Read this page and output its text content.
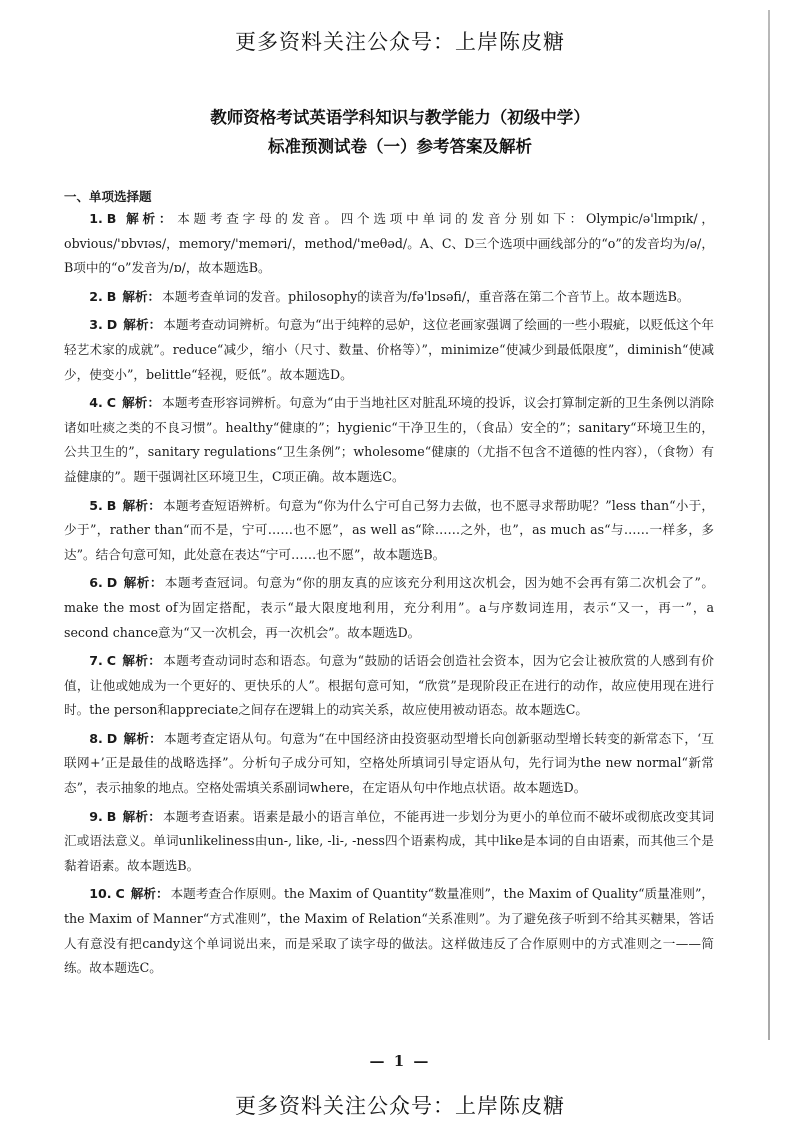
更多资料关注公众号：上岸陈皮糖
教师资格考试英语学科知识与教学能力（初级中学）
标准预测试卷（一）参考答案及解析
一、单项选择题

1. B 解析： 本题考查字母的发音。四个选项中单词的发音分别如下：Olympic/ə'lɪmpɪk/，obvious/'ɒbvɪəs/，memory/'meməri/，method/'meθəd/。A、C、D三个选项中画线部分的“o”的发音均为/ə/，B项中的“o”发音为/ɒ/，故本题选B。

2. B 解析： 本题考查单词的发音。philosophy的读音为/fə'lɒsəfi/，重音落在第二个音节上。故本题选B。

3. D 解析： 本题考查动词辨析。句意为“出于纯粹的忌妒，这位老画家强调了绘画的一些小瑕疵，以贬低这个年轻艺术家的成就”。reduce“减少，缩小（尺寸、数量、价格等）”，minimize“使减少到最低限度”，diminish“使减少，使变小”，belittle“轻视，贬低”。故本题选D。

4. C 解析： 本题考查形容词辨析。句意为“由于当地社区对脏乱环境的投诉，议会打算制定新的卫生条例以消除诸如吐痰之类的不良习惯”。healthy“健康的”；hygienic“干净卫生的，（食品）安全的”；sanitary“环境卫生的，公共卫生的”，sanitary regulations“卫生条例”；wholesome“健康的（尤指不包含不道德的性内容），（食物）有益健康的”。题干强调社区环境卫生，C项正确。故本题选C。

5. B 解析： 本题考查短语辨析。句意为“你为什么宁可自己努力去做，也不愿寻求帮助呢？”less than“小于，少于”，rather than“而不是，宁可……也不愿”，as well as“除……之外，也”，as much as“与……一样多，多达”。结合句意可知，此处意在表达“宁可……也不愿”，故本题选B。

6. D 解析： 本题考查冠词。句意为“你的朋友真的应该充分利用这次机会，因为她不会再有第二次机会了”。make the most of为固定搭配，表示“最大限度地利用，充分利用”。a与序数词连用，表示“又一，再一”，a second chance意为“又一次机会，再一次机会”。故本题选D。

7. C 解析： 本题考查动词时态和语态。句意为“鼓励的话语会创造社会资本，因为它会让被欣赏的人感到有价值，让他或她成为一个更好的、更快乐的人”。根据句意可知，“欣赏”是现阶段正在进行的动作，故应使用现在进行时。the person和appreciate之间存在逻辑上的动宾关系，故应使用被动语态。故本题选C。

8. D 解析： 本题考查定语从句。句意为“在中国经济由投资驱动型增长向创新驱动型增长转变的新常态下，‘互联网+’正是最佳的战略选择”。分析句子成分可知，空格处所填词引导定语从句，先行词为the new normal“新常态”，表示抽象的地点。空格处需填关系副词where，在定语从句中作地点状语。故本题选D。

9. B 解析： 本题考查语素。语素是最小的语言单位，不能再进一步划分为更小的单位而不破坏或彻底改变其词汇或语法意义。单词unlikeliness由un-, like, -li-, -ness四个语素构成，其中like是本词的自由语素，而其他三个是黏着语素。故本题选B。

10. C 解析： 本题考查合作原则。the Maxim of Quantity“数量准则”，the Maxim of Quality“质量准则”，the Maxim of Manner“方式准则”，the Maxim of Relation“关系准则”。为了避免孩子听到不给其买糖果，答话人有意没有把candy这个单词说出来，而是采取了读字母的做法。这样做违反了合作原则中的方式准则之一——简练。故本题选C。

— 1 —
更多资料关注公众号：上岸陈皮糖
